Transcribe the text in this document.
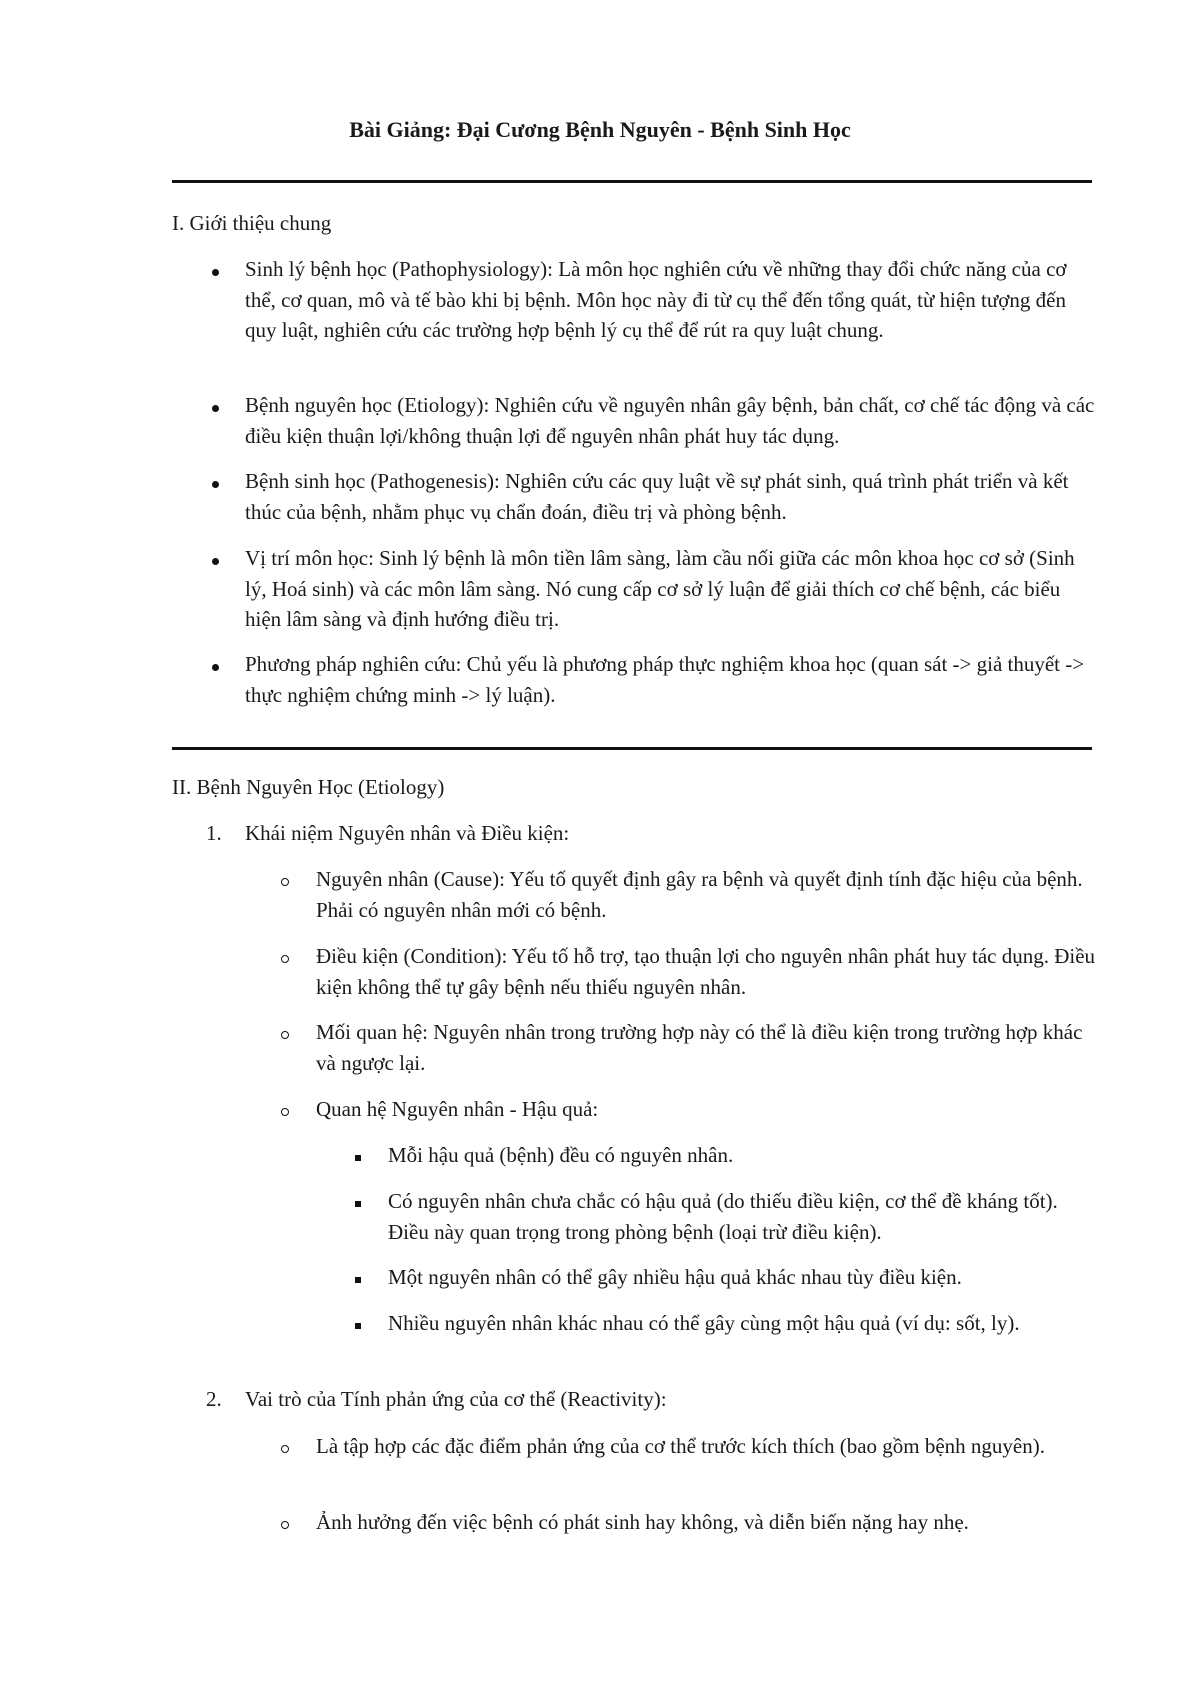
Bài Giảng: Đại Cương Bệnh Nguyên - Bệnh Sinh Học
I. Giới thiệu chung
Sinh lý bệnh học (Pathophysiology): Là môn học nghiên cứu về những thay đổi chức năng của cơ thể, cơ quan, mô và tế bào khi bị bệnh. Môn học này đi từ cụ thể đến tổng quát, từ hiện tượng đến quy luật, nghiên cứu các trường hợp bệnh lý cụ thể để rút ra quy luật chung.
Bệnh nguyên học (Etiology): Nghiên cứu về nguyên nhân gây bệnh, bản chất, cơ chế tác động và các điều kiện thuận lợi/không thuận lợi để nguyên nhân phát huy tác dụng.
Bệnh sinh học (Pathogenesis): Nghiên cứu các quy luật về sự phát sinh, quá trình phát triển và kết thúc của bệnh, nhằm phục vụ chẩn đoán, điều trị và phòng bệnh.
Vị trí môn học: Sinh lý bệnh là môn tiền lâm sàng, làm cầu nối giữa các môn khoa học cơ sở (Sinh lý, Hoá sinh) và các môn lâm sàng. Nó cung cấp cơ sở lý luận để giải thích cơ chế bệnh, các biểu hiện lâm sàng và định hướng điều trị.
Phương pháp nghiên cứu: Chủ yếu là phương pháp thực nghiệm khoa học (quan sát -> giả thuyết -> thực nghiệm chứng minh -> lý luận).
II. Bệnh Nguyên Học (Etiology)
1. Khái niệm Nguyên nhân và Điều kiện:
Nguyên nhân (Cause): Yếu tố quyết định gây ra bệnh và quyết định tính đặc hiệu của bệnh. Phải có nguyên nhân mới có bệnh.
Điều kiện (Condition): Yếu tố hỗ trợ, tạo thuận lợi cho nguyên nhân phát huy tác dụng. Điều kiện không thể tự gây bệnh nếu thiếu nguyên nhân.
Mối quan hệ: Nguyên nhân trong trường hợp này có thể là điều kiện trong trường hợp khác và ngược lại.
Quan hệ Nguyên nhân - Hậu quả:
Mỗi hậu quả (bệnh) đều có nguyên nhân.
Có nguyên nhân chưa chắc có hậu quả (do thiếu điều kiện, cơ thể đề kháng tốt). Điều này quan trọng trong phòng bệnh (loại trừ điều kiện).
Một nguyên nhân có thể gây nhiều hậu quả khác nhau tùy điều kiện.
Nhiều nguyên nhân khác nhau có thể gây cùng một hậu quả (ví dụ: sốt, ly).
2. Vai trò của Tính phản ứng của cơ thể (Reactivity):
Là tập hợp các đặc điểm phản ứng của cơ thể trước kích thích (bao gồm bệnh nguyên).
Ảnh hưởng đến việc bệnh có phát sinh hay không, và diễn biến nặng hay nhẹ.
